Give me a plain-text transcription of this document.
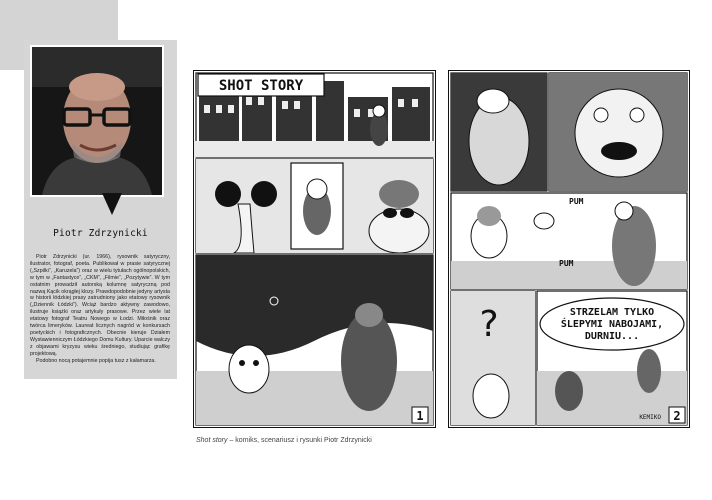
Piotr Zdrzynicki

Piotr Zdrzynicki (ur. 1966), rysownik satyryczny, ilustrator, fotograf, poeta. Publikował w prasie satyrycznej („Szpilki”, „Karuzela”) oraz w wielu tytułach ogólnopolskich, w tym w „Fantastyce”, „CKM”, „Filmie”, „Pozytywie”. W tym ostatnim prowadził autorską kolumnę satyryczną pod nazwą Kącik okrągłej klozy. Prawdopodobnie jedyny artysta w historii łódzkiej prasy zatrudniony jako etatowy rysownik („Dziennik Łódzki”). Wciąż bardzo aktywny zawodowo, ilustruje książki oraz artykuły prasowe. Przez wiele lat etatowy fotograf Teatru Nowego w Łodzi. Miłośnik oraz twórca limeryków. Laureat licznych nagród w konkursach poetyckich i fotograficznych. Obecnie kieruje Działem Wystawienniczym Łódzkiego Domu Kultury. Uparcie walczy z objawami kryzysu wieku średniego, studiując grafikę projektową.

Podobno nocą potajemnie popija tusz z kałamarza.

SHOT STORY
1
PUM
PUM
?	STRZELAM TYLKO
ŚLEPYMI NABOJAMI,
DURNIU...
KEMIKO 2
Shot story – komiks, scenariusz i rysunki Piotr Zdrzynicki
